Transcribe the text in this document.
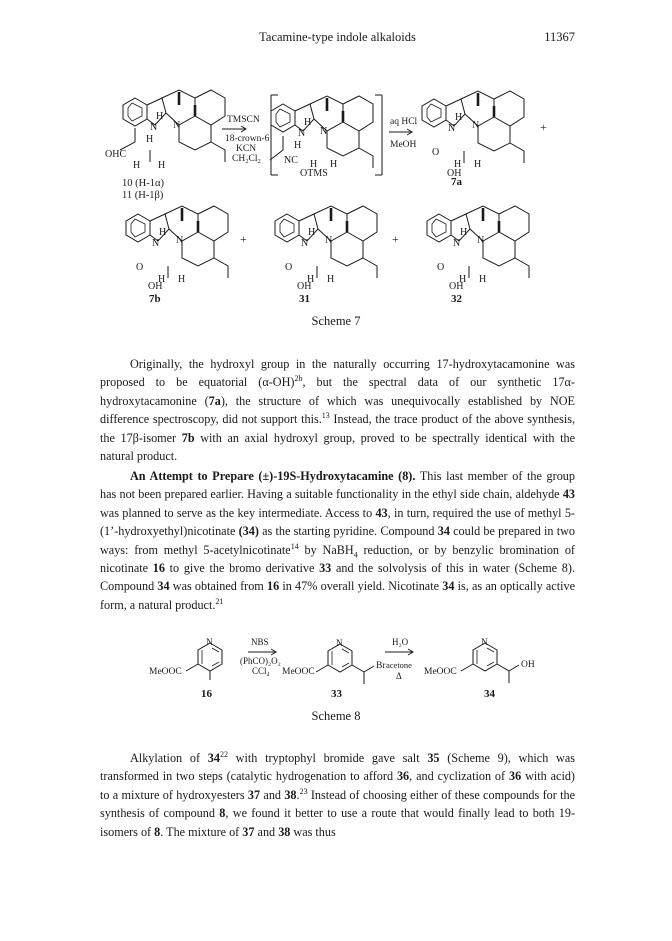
Tacamine-type indole alkaloids	11367
H
N
N
H
OHC
H H
TMSCN
18-crown-6
KCN
CH₂Cl₂
H
N
N
H
NC H H
OTMS
aq HCl
MeOH
H
N
N
O
H H
OH
+
10 (H-1α)
11 (H-1β)
7a
H
N
N
O
H H
OH
7b
+	H
N
N
O
H H
OH
31
+	H
N
N
O
H H
OH
32
N
MeOOC
NBS
(PhCO)₂O₂
CCl₄
N
MeOOC
Br
H₂O
acetone
Δ
N
MeOOC
OH
16	33	34
Scheme 7
Originally, the hydroxyl group in the naturally occurring 17-hydroxytacamonine was proposed to be equatorial $(\alpha-OH)^{2b}$, but the spectral data of our synthetic 17α-hydroxytacamonine (7a), the structure of which was unequivocally established by NOE difference spectroscopy, did not support this.$^{13}$ Instead, the trace product of the above synthesis, the 17β-isomer 7b with an axial hydroxyl group, proved to be spectrally identical with the natural product.
An Attempt to Prepare (±)-19S-Hydroxytacamine (8). This last member of the group has not been prepared earlier. Having a suitable functionality in the ethyl side chain, aldehyde 43 was planned to serve as the key intermediate. Access to 43, in turn, required the use of methyl 5-(1’-hydroxyethyl)nicotinate (34) as the starting pyridine. Compound 34 could be prepared in two ways: from methyl 5-acetylnicotinate$^{14}$ by NaBH$_4$ reduction, or by benzylic bromination of nicotinate 16 to give the bromo derivative 33 and the solvolysis of this in water (Scheme 8). Compound 34 was obtained from 16 in 47% overall yield. Nicotinate 34 is, as an optically active form, a natural product.$^{21}$
Scheme 8
Alkylation of $34^{22}$ with tryptophyl bromide gave salt 35 (Scheme 9), which was transformed in two steps (catalytic hydrogenation to afford 36, and cyclization of 36 with acid) to a mixture of hydroxyesters 37 and 38.23 Instead of choosing either of these compounds for the synthesis of compound 8, we found it better to use a route that would finally lead to both 19-isomers of 8. The mixture of 37 and 38 was thus
